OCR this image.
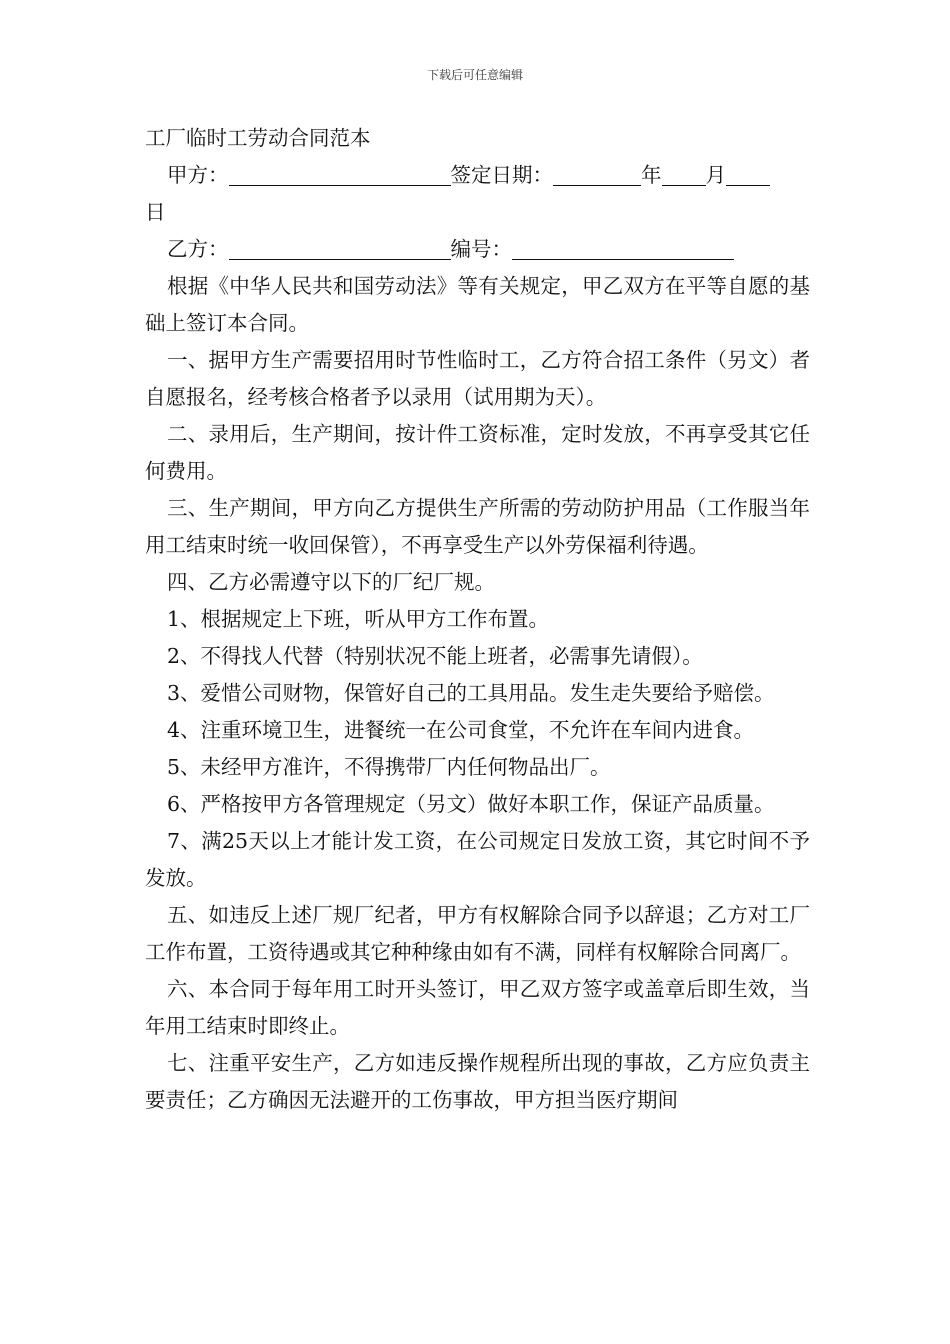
下载后可任意编辑
工厂临时工劳动合同范本
甲方：	签定日期：	年 月
日
乙方：	编号：
根据《中华人民共和国劳动法》等有关规定，甲乙双方在平等自愿的基础上签订本合同。
一、据甲方生产需要招用时节性临时工，乙方符合招工条件（另文）者自愿报名，经考核合格者予以录用（试用期为天）。
二、录用后，生产期间，按计件工资标准，定时发放，不再享受其它任何费用。
三、生产期间，甲方向乙方提供生产所需的劳动防护用品（工作服当年用工结束时统一收回保管），不再享受生产以外劳保福利待遇。
四、乙方必需遵守以下的厂纪厂规。
1、根据规定上下班，听从甲方工作布置。
2、不得找人代替（特别状况不能上班者，必需事先请假）。
3、爱惜公司财物，保管好自己的工具用品。发生走失要给予赔偿。
4、注重环境卫生，进餐统一在公司食堂，不允许在车间内进食。
5、未经甲方准许，不得携带厂内任何物品出厂。
6、严格按甲方各管理规定（另文）做好本职工作，保证产品质量。
7、满25天以上才能计发工资，在公司规定日发放工资，其它时间不予发放。
五、如违反上述厂规厂纪者，甲方有权解除合同予以辞退；乙方对工厂工作布置，工资待遇或其它种种缘由如有不满，同样有权解除合同离厂。
六、本合同于每年用工时开头签订，甲乙双方签字或盖章后即生效，当年用工结束时即终止。
七、注重平安生产，乙方如违反操作规程所出现的事故，乙方应负责主要责任；乙方确因无法避开的工伤事故，甲方担当医疗期间
